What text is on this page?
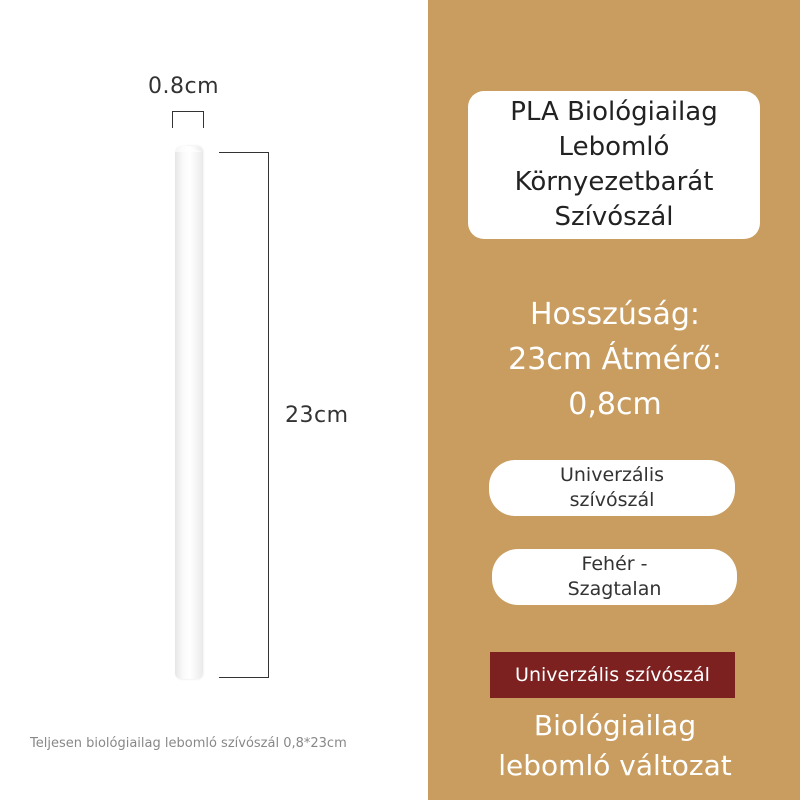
0.8cm
23cm
Teljesen biológiailag lebomló szívószál 0,8*23cm
PLA Biológiailag
Lebomló
Környezetbarát
Szívószál
Hosszúság:
23cm Átmérő:
0,8cm
Univerzális
szívószál
Fehér -
Szagtalan
Univerzális szívószál
Biológiailag
lebomló változat
